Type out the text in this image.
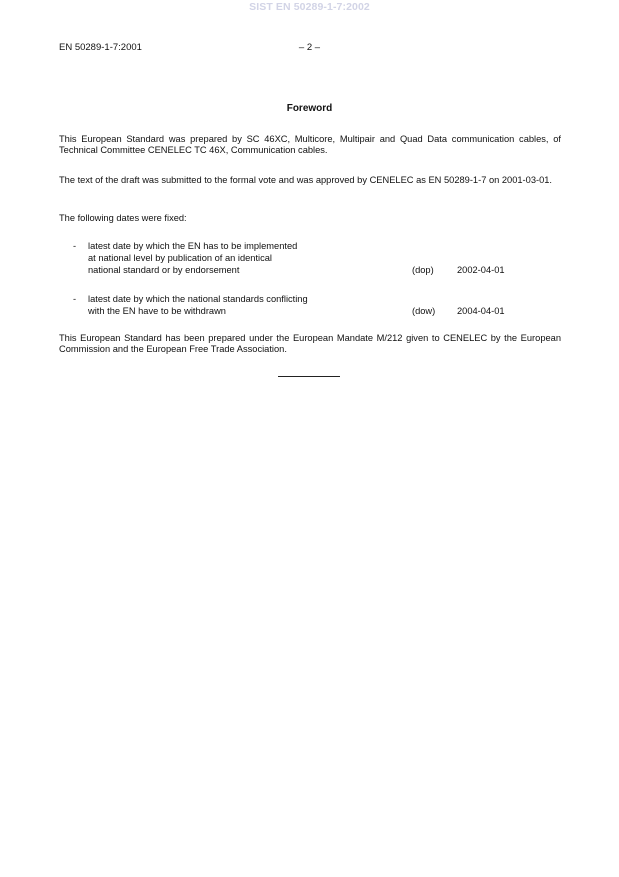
SIST EN 50289-1-7:2002
EN 50289-1-7:2001	– 2 –
Foreword
This European Standard was prepared by SC 46XC, Multicore, Multipair and Quad Data communication cables, of Technical Committee CENELEC TC 46X, Communication cables.
The text of the draft was submitted to the formal vote and was approved by CENELEC as EN 50289-1-7 on 2001-03-01.
The following dates were fixed:
- latest date by which the EN has to be implemented
at national level by publication of an identical
national standard or by endorsement	(dop)	2002-04-01
- latest date by which the national standards conflicting
with the EN have to be withdrawn	(dow) 2004-04-01
This European Standard has been prepared under the European Mandate M/212 given to CENELEC by the European Commission and the European Free Trade Association.
